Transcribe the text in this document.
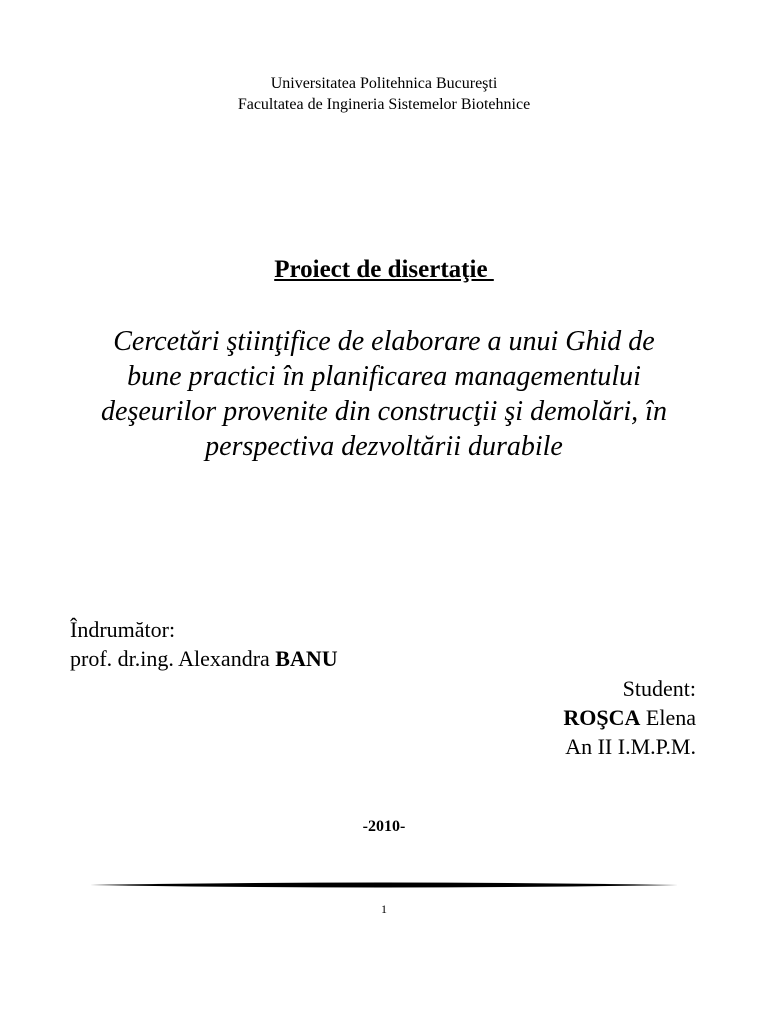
Universitatea Politehnica Bucureşti
Facultatea de Ingineria Sistemelor Biotehnice
Proiect de disertaţie
Cercetări ştiinţifice de elaborare a unui Ghid de
bune practici în planificarea managementului
deşeurilor provenite din construcţii şi demolări, în
perspectiva dezvoltării durabile
Îndrumător:
prof. dr.ing. Alexandra BANU
Student:
ROŞCA Elena
An II I.M.P.M.
-2010-
1
